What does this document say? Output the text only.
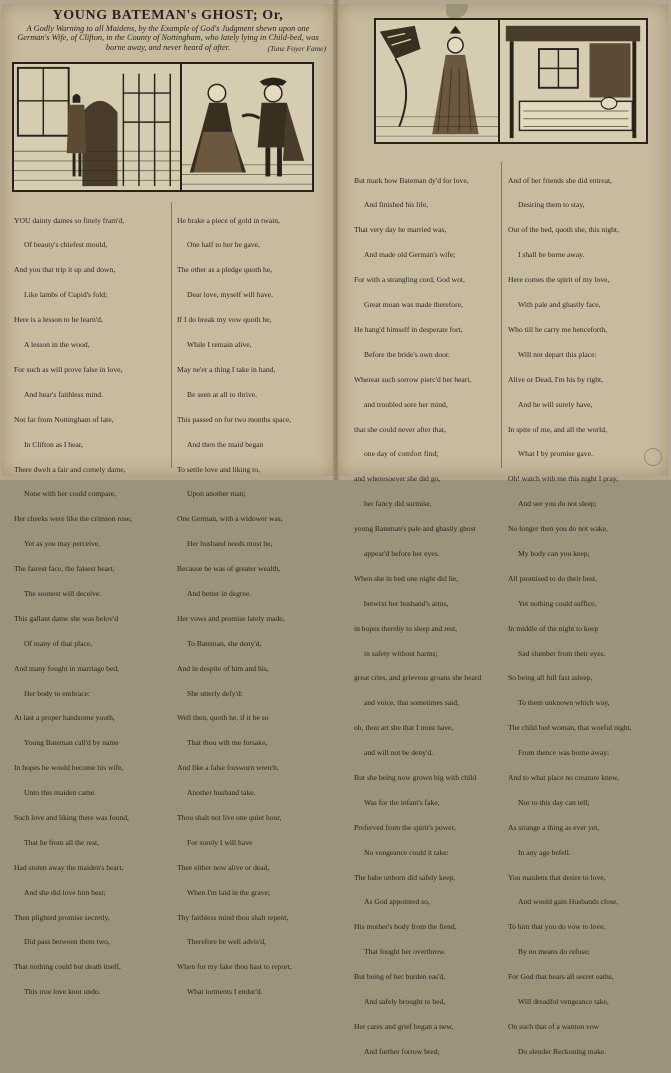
YOUNG BATEMAN's GHOST; Or,
A Godly Warning to all Maidens, by the Example of God's Judgment shewn upon one German's Wife, of Clifton, in the County of Nottingham, who lately lying in Child-bed, was borne away, and never heard of after.	(Tune Foyer Fame)

YOU dainty dames so finely fram'd,

Of beauty's chiefest mould,

And you that trip it up and down,

Like lambs of Cupid's fold;

Here is a lesson to be learn'd,

A lesson in the wood,

For such as will prove false in love,

And hear's faithless mind.

Not far from Nottingham of late,

In Clifton as I hear,

There dwelt a fair and comely dame,

None with her could compare,

Her cheeks were like the crimson rose,

Yet as you may perceive,

The fairest face, the falsest heart,

The soonest will deceive.

This gallant dame she was belov'd

Of many of that place,

And many fought in marriage bed,

Her body to embrace:

At last a proper handsome youth,

Young Bateman call'd by name

In hopes he would become his wife,

Unto this maiden came.

Such love and liking there was found,

That he from all the rest,

Had stolen away the maiden's heart,

And she did love him best;

Then plighted promise secretly,

Did pass between them two,

That nothing could but death itself,

This true love knot undo.

He brake a piece of gold in twain,

One half to her he gave,

The other as a pledge quoth he,

Dear love, myself will have.

If I do break my vow quoth he,

While I remain alive,

May ne'er a thing I take in hand,

Be seen at all to thrive.

This passed on for two months space,

And then the maid began

To settle love and liking to,

Upon another man;

One German, with a widower was,

Her husband needs must be,

Because he was of greater wealth,

And better in degree.

Her vows and promise lately made,

To Bateman, she deny'd,

And in despite of him and his,

She utterly defy'd:

Well then, quoth he, if it be so

That thou wilt me forsake,

And like a false forsworn wretch,

Another husband take.

Thou shalt not live one quiet hour,

For surely I will have

Thee either now alive or dead,

When I'm laid in the grave;

Thy faithless mind thou shalt repent,

Therefore be well advis'd,

When for my fake thou hast to report,

What torments I endur'd.

But mark how Bateman dy'd for love,

And finished his life,

That very day he married was,

And made old German's wife;

For with a strangling cord, God wot,

Great moan was made therefore,

He hang'd himself in desperate fort,

Before the bride's own door.

Whereat such sorrow pierc'd her heart,

and troubled sore her mind,

that she could never after that,

one day of comfort find;

and wheresoever she did go,

her fancy did surmise,

young Bateman's pale and ghastly ghost

appear'd before her eyes.

When she in bed one night did lie,

betwixt her husband's arms,

in hopes thereby to sleep and rest,

in safety without harms;

great cries, and grievous groans she heard

and voice, that sometimes said,

oh, thou art she that I must have,

and will not be deny'd.

But she being now grown big with child

Was for the infant's fake,

Preferved from the spirit's power,

No vengeance could it take:

The babe unborn did safely keep,

As God appointed so,

His mother's body from the fiend,

That fought her overthrow.

But being of her burden eas'd,

And safely brought to bed,

Her cares and grief began a new,

And further forrow bred;

And of her friends she did entreat,

Desiring them to stay,

Out of the bed, quoth she, this night,

I shall be borne away.

Here comes the spirit of my love,

With pale and ghastly face,

Who till he carry me henceforth,

Will not depart this place:

Alive or Dead, I'm his by right,

And he will surely have,

In spite of me, and all the world,

What I by promise gave.

Oh! watch with me this night I pray,

And see you do not sleep;

No longer then you do not wake,

My body can you keep;

All promised to do their best,

Yet nothing could suffice,

In middle of the night to keep

Sad slumber from their eyes.

So being all full fast asleep,

To them unknown which way,

The child bed woman, that woeful night,

From thence was borne away;

And to what place no creature knew,

Nor to this day can tell;

As strange a thing as ever yet,

In any age befell.

You maidens that desire to love,

And would gain Husbands close,

To him that you do vow to love,

By no means do refuse;

For God that hears all secret oaths,

Will dreadful vengeance take,

On such that of a wanton vow

Do slender Reckoning make.
